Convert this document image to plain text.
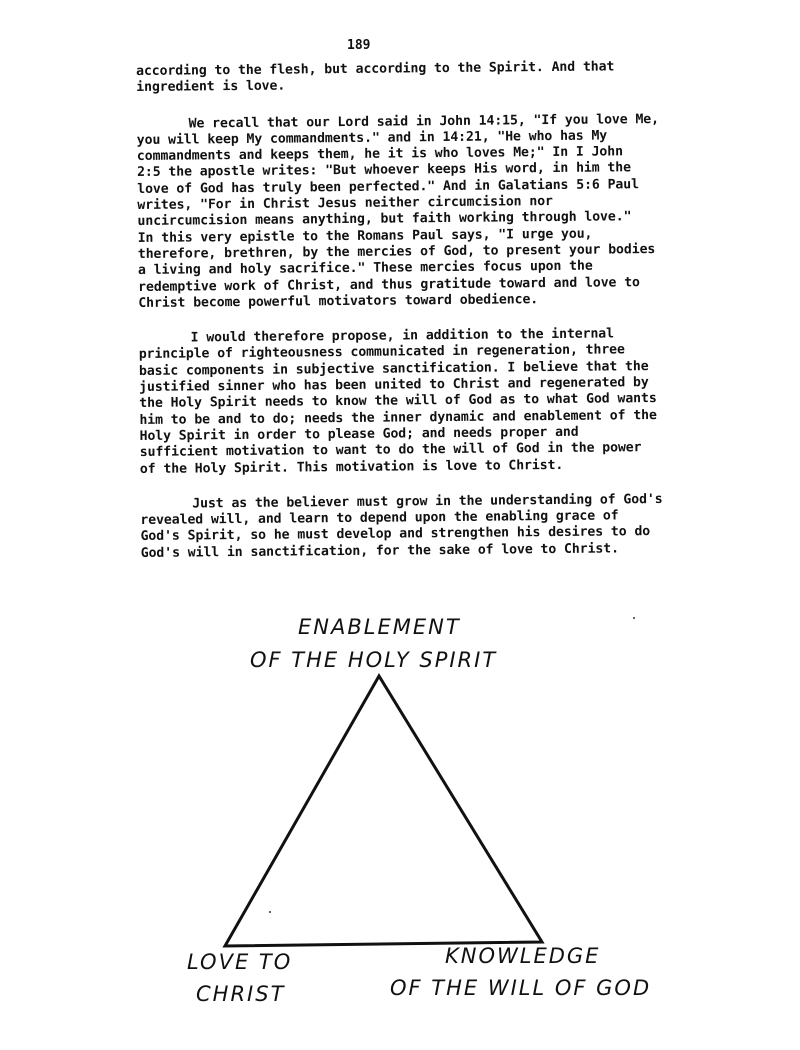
189

according to the flesh, but according to the Spirit. And that
ingredient is love.

We recall that our Lord said in John 14:15, "If you love Me,
you will keep My commandments." and in 14:21, "He who has My
commandments and keeps them, he it is who loves Me;" In I John
2:5 the apostle writes: "But whoever keeps His word, in him the
love of God has truly been perfected." And in Galatians 5:6 Paul
writes, "For in Christ Jesus neither circumcision nor
uncircumcision means anything, but faith working through love."
In this very epistle to the Romans Paul says, "I urge you,
therefore, brethren, by the mercies of God, to present your bodies
a living and holy sacrifice." These mercies focus upon the
redemptive work of Christ, and thus gratitude toward and love to
Christ become powerful motivators toward obedience.

I would therefore propose, in addition to the internal
principle of righteousness communicated in regeneration, three
basic components in subjective sanctification. I believe that the
justified sinner who has been united to Christ and regenerated by
the Holy Spirit needs to know the will of God as to what God wants
him to be and to do; needs the inner dynamic and enablement of the
Holy Spirit in order to please God; and needs proper and
sufficient motivation to want to do the will of God in the power
of the Holy Spirit. This motivation is love to Christ.

Just as the believer must grow in the understanding of God's
revealed will, and learn to depend upon the enabling grace of
God's Spirit, so he must develop and strengthen his desires to do
God's will in sanctification, for the sake of love to Christ.

ENABLEMENT
OF THE HOLY SPIRIT
LOVE TO
CHRIST
KNOWLEDGE
OF THE WILL OF GOD
